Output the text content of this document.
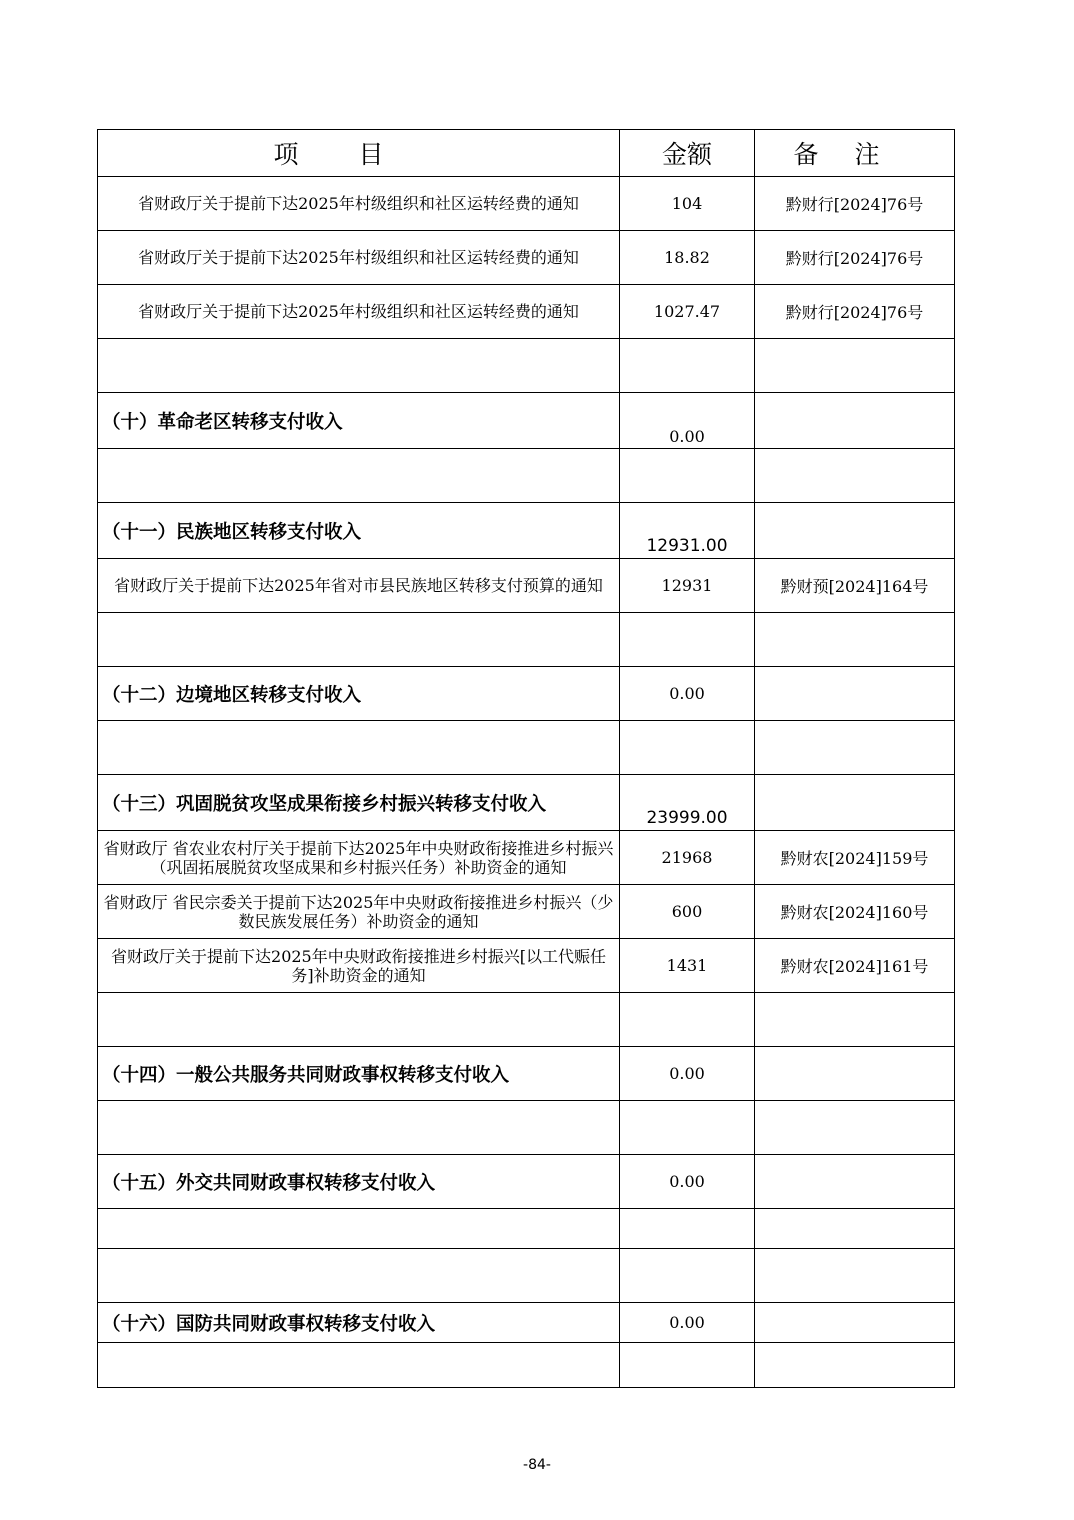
项目	金额	备注
省财政厅关于提前下达2025年村级组织和社区运转经费的通知	104	黔财行[2024]76号
省财政厅关于提前下达2025年村级组织和社区运转经费的通知	18.82	黔财行[2024]76号
省财政厅关于提前下达2025年村级组织和社区运转经费的通知	1027.47	黔财行[2024]76号

（十）革命老区转移支付收入	0.00	

（十一）民族地区转移支付收入	12931.00	
省财政厅关于提前下达2025年省对市县民族地区转移支付预算的通知	12931	黔财预[2024]164号

（十二）边境地区转移支付收入	0.00	

（十三）巩固脱贫攻坚成果衔接乡村振兴转移支付收入	23999.00	
省财政厅 省农业农村厅关于提前下达2025年中央财政衔接推进乡村振兴（巩固拓展脱贫攻坚成果和乡村振兴任务）补助资金的通知	21968	黔财农[2024]159号
省财政厅 省民宗委关于提前下达2025年中央财政衔接推进乡村振兴（少数民族发展任务）补助资金的通知	600	黔财农[2024]160号
省财政厅关于提前下达2025年中央财政衔接推进乡村振兴[以工代赈任务]补助资金的通知	1431	黔财农[2024]161号

（十四）一般公共服务共同财政事权转移支付收入	0.00	

（十五）外交共同财政事权转移支付收入	0.00	

（十六）国防共同财政事权转移支付收入	0.00	

-84-
